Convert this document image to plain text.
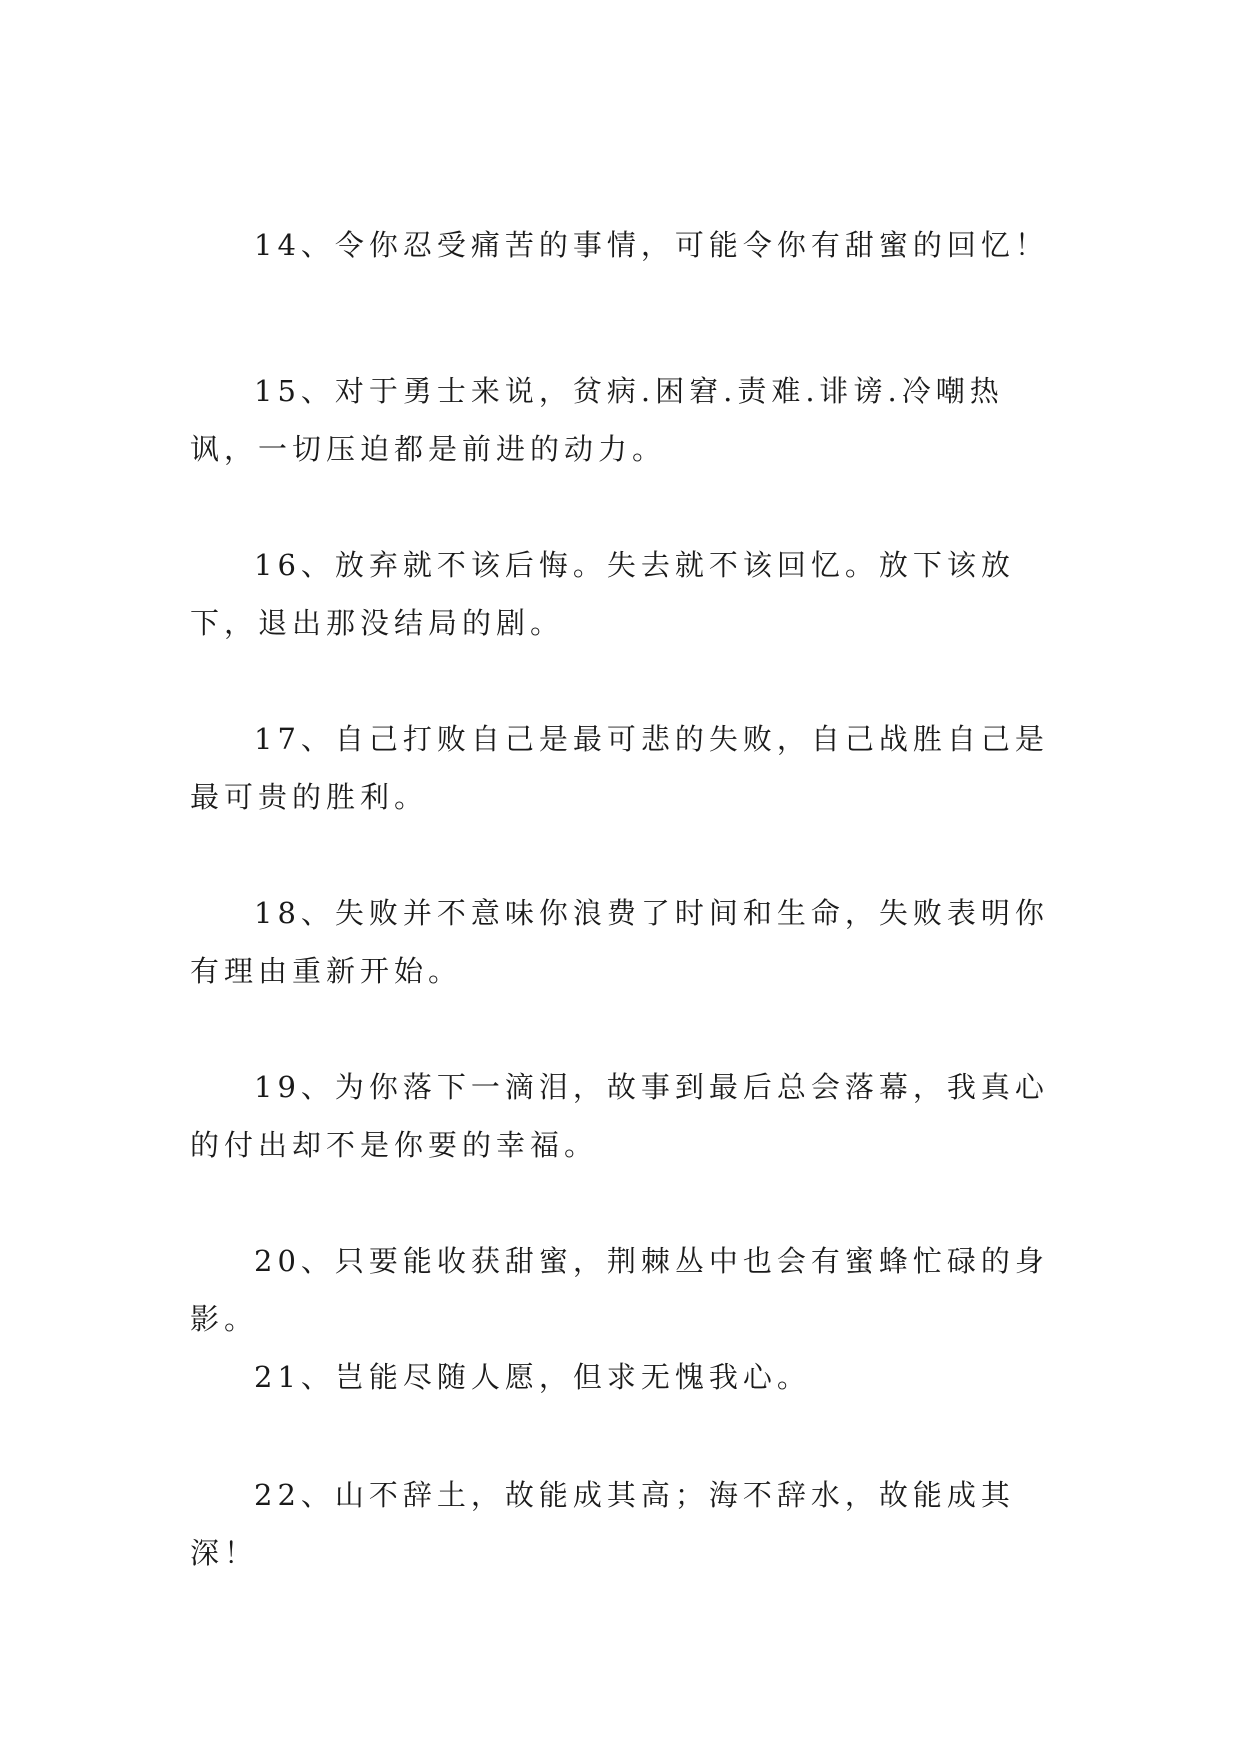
14、令你忍受痛苦的事情，可能令你有甜蜜的回忆！

15、对于勇士来说，贫病.困窘.责难.诽谤.冷嘲热讽，一切压迫都是前进的动力。

16、放弃就不该后悔。失去就不该回忆。放下该放下，退出那没结局的剧。

17、自己打败自己是最可悲的失败，自己战胜自己是最可贵的胜利。

18、失败并不意味你浪费了时间和生命，失败表明你有理由重新开始。

19、为你落下一滴泪，故事到最后总会落幕，我真心的付出却不是你要的幸福。

20、只要能收获甜蜜，荆棘丛中也会有蜜蜂忙碌的身影。

21、岂能尽随人愿，但求无愧我心。

22、山不辞土，故能成其高；海不辞水，故能成其深！
